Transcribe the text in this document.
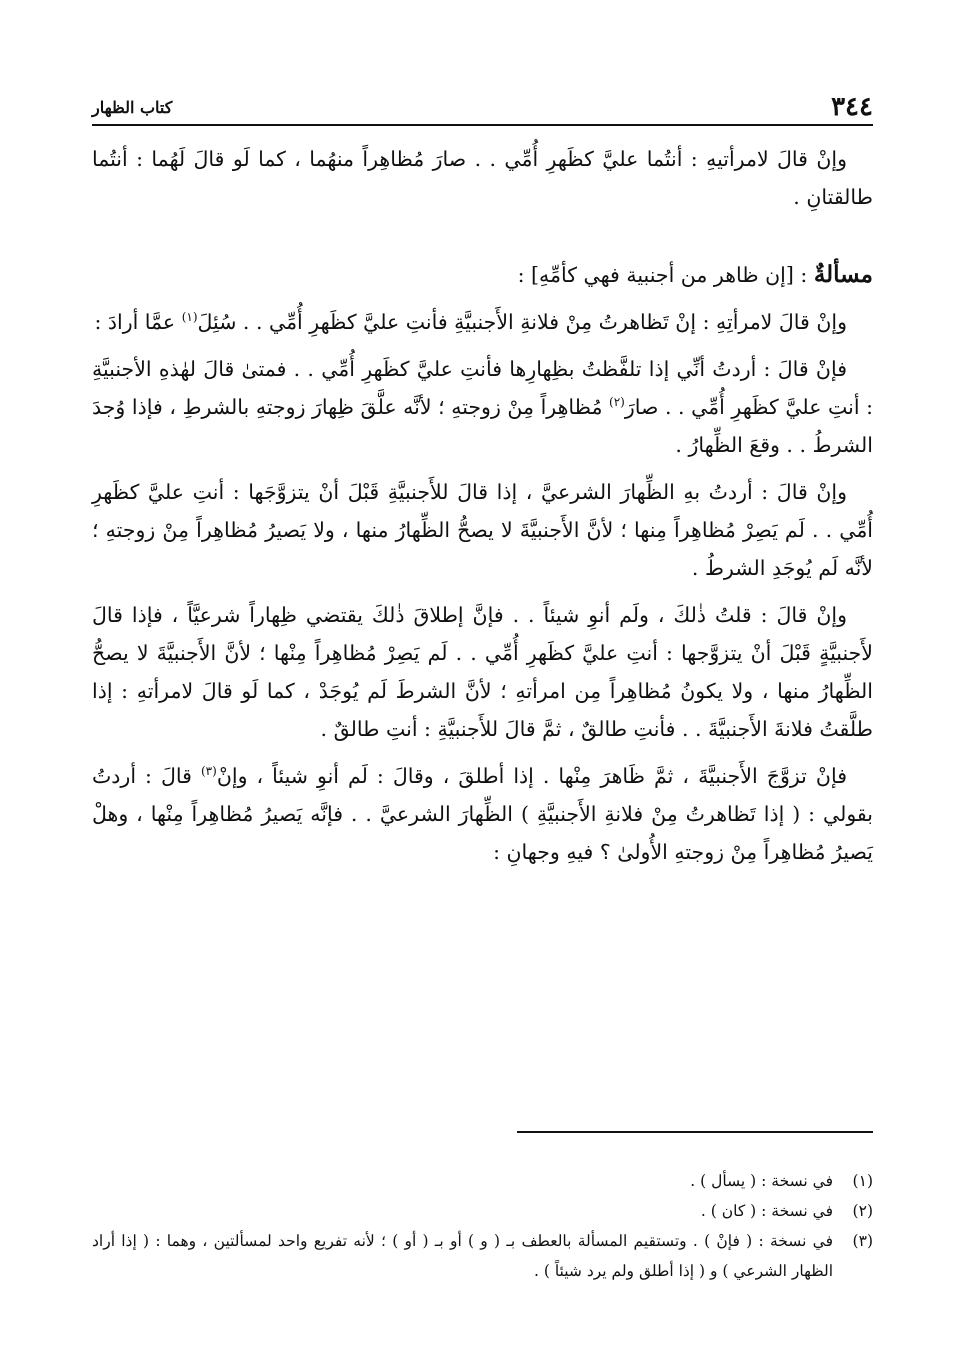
٣٤٤
كتاب الظهار

وإنْ قالَ لامرأتيهِ : أنتُما عليَّ كظَهرِ أُمِّي . . صارَ مُظاهِراً منهُما ، كما لَو قالَ لَهُما : أنتُما طالقتانِ .

مسألةٌ : [إن ظاهر من أجنبية فهي كأمِّهِ] :

وإنْ قالَ لامرأتِهِ : إنْ تَظاهرتُ مِنْ فلانةِ الأَجنبيَّةِ فأنتِ عليَّ كظَهرِ أُمِّي . . سُئِلَ$^{(١)}$ عمَّا أرادَ :

فإنْ قالَ : أردتُ أنِّي إذا تلفَّظتُ بظِهارِها فأنتِ عليَّ كظَهرِ أُمِّي . . فمتىٰ قالَ لهٰذهِ الأجنبيَّةِ : أنتِ عليَّ كظَهرِ أُمِّي . . صارَ$^{(٢)}$ مُظاهِراً مِنْ زوجتهِ ؛ لأنَّه علَّقَ ظِهارَ زوجتهِ بالشرطِ ، فإذا وُجدَ الشرطُ . . وقعَ الظِّهارُ .

وإنْ قالَ : أردتُ بهِ الظِّهارَ الشرعيَّ ، إذا قالَ للأَجنبيَّةِ قَبْلَ أنْ يتزوَّجَها : أنتِ عليَّ كظَهرِ أُمِّي . . لَم يَصِرْ مُظاهِراً مِنها ؛ لأنَّ الأَجنبيَّةَ لا يصحُّ الظِّهارُ منها ، ولا يَصيرُ مُظاهِراً مِنْ زوجتهِ ؛ لأنَّه لَم يُوجَدِ الشرطُ .

وإنْ قالَ : قلتُ ذٰلكَ ، ولَم أنوِ شيئاً . . فإنَّ إطلاقَ ذٰلكَ يقتضي ظِهاراً شرعيَّاً ، فإذا قالَ لأَجنبيَّةٍ قَبْلَ أنْ يتزوَّجها : أنتِ عليَّ كظَهرِ أُمِّي . . لَم يَصِرْ مُظاهِراً مِنْها ؛ لأنَّ الأَجنبيَّةَ لا يصحُّ الظِّهارُ منها ، ولا يكونُ مُظاهِراً مِن امرأتهِ ؛ لأنَّ الشرطَ لَم يُوجَدْ ، كما لَو قالَ لامرأتهِ : إذا طلَّقتُ فلانةَ الأَجنبيَّةَ . . فأنتِ طالقٌ ، ثمَّ قالَ للأَجنبيَّةِ : أنتِ طالقٌ .

فإنْ تزوَّجَ الأَجنبيَّةَ ، ثمَّ ظَاهرَ مِنْها . إذا أطلقَ ، وقالَ : لَم أنوِ شيئاً ، وإنْ$^{(٣)}$ قالَ : أردتُ بقولي : ( إذا تَظاهرتُ مِنْ فلانةِ الأَجنبيَّةِ ) الظِّهارَ الشرعيَّ . . فإنَّه يَصيرُ مُظاهِراً مِنْها ، وهلْ يَصيرُ مُظاهِراً مِنْ زوجتهِ الأُولىٰ ؟ فيهِ وجهانِ :

(١)
في نسخة : ( يسأل ) .
(٢)
في نسخة : ( كان ) .
(٣)
في نسخة : ( فإنْ ) . وتستقيم المسألة بالعطف بـ ( و ) أو بـ ( أو ) ؛ لأنه تفريع واحد لمسألتين ، وهما : ( إذا أراد الظهار الشرعي ) و ( إذا أطلق ولم يرد شيئاً ) .
